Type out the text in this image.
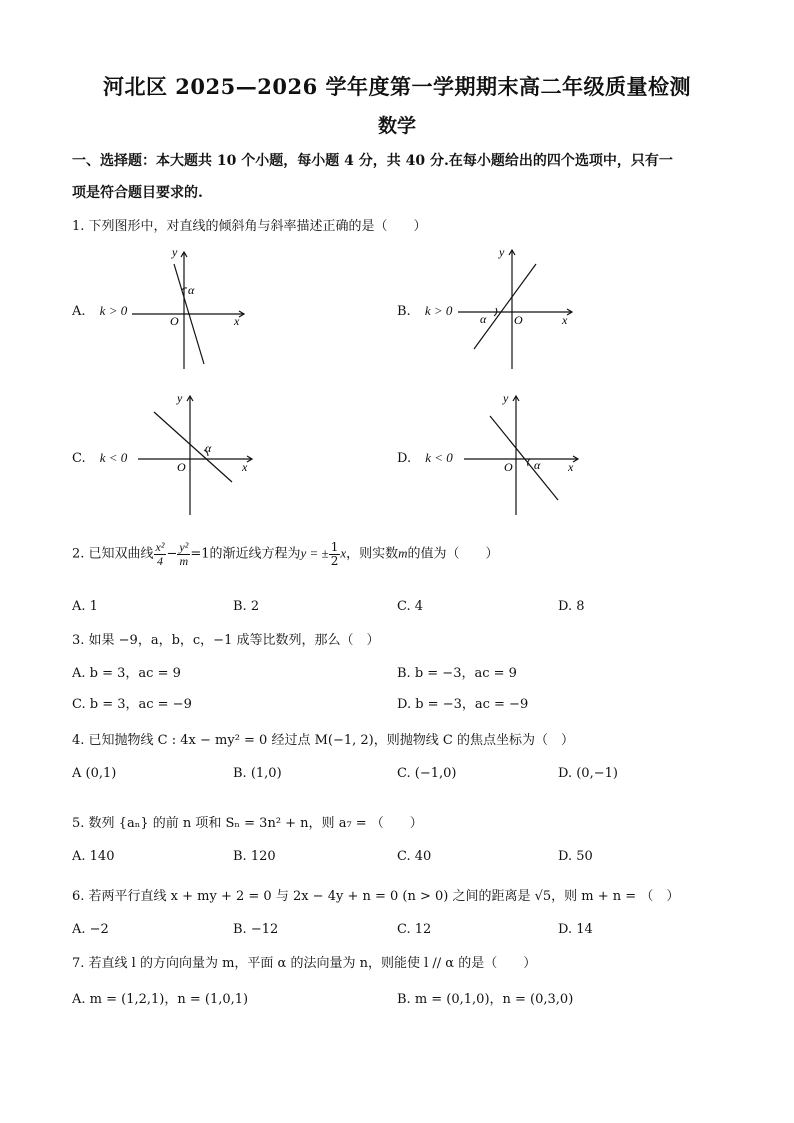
河北区 2025—2026 学年度第一学期期末高二年级质量检测
数学
一、选择题：本大题共 10 个小题，每小题 4 分，共 40 分.在每小题给出的四个选项中，只有一
项是符合题目要求的.
1. 下列图形中，对直线的倾斜角与斜率描述正确的是（　　）
A. k > 0
x
y
O
α
B. k > 0
x
y
O
α
C. k < 0
x
y
O
α
D. k < 0
x
y
O α
2. 已知双曲线 $\frac{\text{x²}}{4} - \frac{\text{y²}}{m} =1$的渐近线方程为y = ± $\frac{1}{2}$ x，则实数m的值为（　　）
A. 1	B. 2	C. 4	D. 8
3. 如果 −9，a，b，c，−1 成等比数列，那么（　）
A. b = 3，ac = 9	B. b = −3，ac = 9
C. b = 3，ac = −9	D. b = −3，ac = −9
4. 已知抛物线 C : 4x − my² = 0 经过点 M(−1, 2)，则抛物线 C 的焦点坐标为（　）
A (0,1)	B. (1,0)	C. (−1,0)	D. (0,−1)
5. 数列 {aₙ} 的前 n 项和 Sₙ = 3n² + n，则 a₇ = （　　）
A. 140	B. 120	C. 40	D. 50
6. 若两平行直线 x + my + 2 = 0 与 2x − 4y + n = 0 (n > 0) 之间的距离是 √5，则 m + n = （　）
A. −2	B. −12	C. 12	D. 14
7. 若直线 l 的方向向量为 m，平面 α 的法向量为 n，则能使 l // α 的是（　　）
A. m = (1,2,1)，n = (1,0,1)	B. m = (0,1,0)，n = (0,3,0)
